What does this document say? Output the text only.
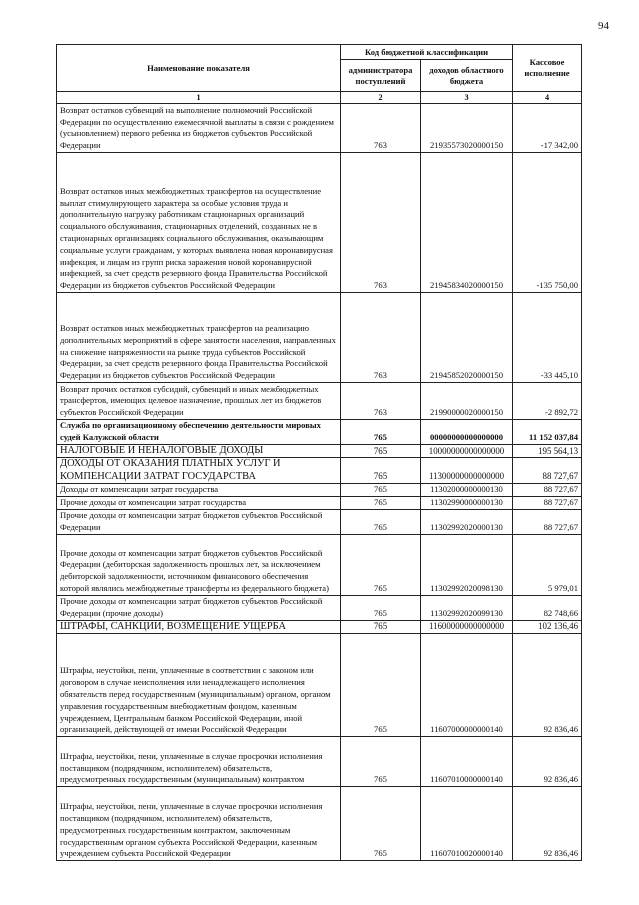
94
Наименование показателя	Код бюджетной классификации		Кассовое исполнение
	администратора поступлений	доходов областного бюджета	
1	2	3	4
Возврат остатков субвенций на выполнение полномочий Российской Федерации по осуществлению ежемесячной выплаты в связи с рождением (усыновлением) первого ребенка из бюджетов субъектов Российской Федерации	763	21935573020000150	-17 342,00
Возврат остатков иных межбюджетных трансфертов на осуществление выплат стимулирующего характера за особые условия труда и дополнительную нагрузку работникам стационарных организаций социального обслуживания, стационарных отделений, созданных не в стационарных организациях социального обслуживания, оказывающим социальные услуги гражданам, у которых выявлена новая коронавирусная инфекция, и лицам из групп риска заражения новой коронавирусной инфекцией, за счет средств резервного фонда Правительства Российской Федерации из бюджетов субъектов Российской Федерации	763	21945834020000150	-135 750,00
Возврат остатков иных межбюджетных трансфертов на реализацию дополнительных мероприятий в сфере занятости населения, направленных на снижение напряженности на рынке труда субъектов Российской Федерации, за счет средств резервного фонда Правительства Российской Федерации из бюджетов субъектов Российской Федерации	763	21945852020000150	-33 445,10
Возврат прочих остатков субсидий, субвенций и иных межбюджетных трансфертов, имеющих целевое назначение, прошлых лет из бюджетов субъектов Российской Федерации	763	21990000020000150	-2 892,72
Служба по организационному обеспечению деятельности мировых судей Калужской области	765	00000000000000000	11 152 037,84
НАЛОГОВЫЕ И НЕНАЛОГОВЫЕ ДОХОДЫ	765	10000000000000000	195 564,13
ДОХОДЫ ОТ ОКАЗАНИЯ ПЛАТНЫХ УСЛУГ И КОМПЕНСАЦИИ ЗАТРАТ ГОСУДАРСТВА	765	11300000000000000	88 727,67
Доходы от компенсации затрат государства	765	11302000000000130	88 727,67
Прочие доходы от компенсации затрат государства	765	11302990000000130	88 727,67
Прочие доходы от компенсации затрат бюджетов субъектов Российской Федерации	765	11302992020000130	88 727,67
Прочие доходы от компенсации затрат бюджетов субъектов Российской Федерации (дебиторская задолженность прошлых лет, за исключением дебиторской задолженности, источником финансового обеспечения которой являлись межбюджетные трансферты из федерального бюджета)	765	11302992020098130	5 979,01
Прочие доходы от компенсации затрат бюджетов субъектов Российской Федерации (прочие доходы)	765	11302992020099130	82 748,66
ШТРАФЫ, САНКЦИИ, ВОЗМЕЩЕНИЕ УЩЕРБА	765	11600000000000000	102 136,46
Штрафы, неустойки, пени, уплаченные в соответствии с законом или договором в случае неисполнения или ненадлежащего исполнения обязательств перед государственным (муниципальным) органом, органом управления государственным внебюджетным фондом, казенным учреждением, Центральным банком Российской Федерации, иной организацией, действующей от имени Российской Федерации	765	11607000000000140	92 836,46
Штрафы, неустойки, пени, уплаченные в случае просрочки исполнения поставщиком (подрядчиком, исполнителем) обязательств, предусмотренных государственным (муниципальным) контрактом	765	11607010000000140	92 836,46
Штрафы, неустойки, пени, уплаченные в случае просрочки исполнения поставщиком (подрядчиком, исполнителем) обязательств, предусмотренных государственным контрактом, заключенным государственным органом субъекта Российской Федерации, казенным учреждением субъекта Российской Федерации	765	11607010020000140	92 836,46
